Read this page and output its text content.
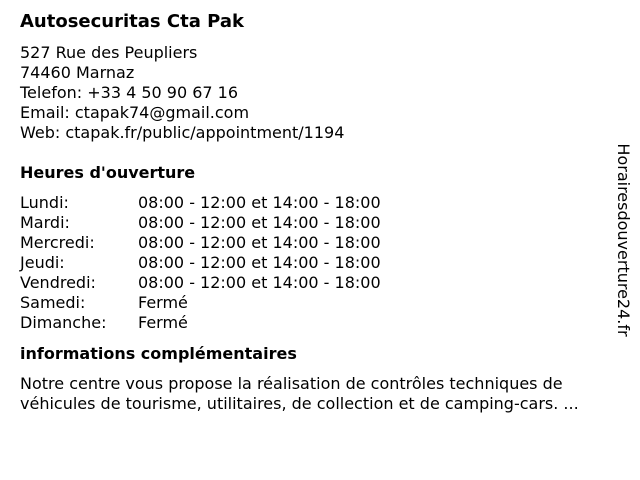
Autosecuritas Cta Pak
527 Rue des Peupliers
74460 Marnaz
Telefon: +33 4 50 90 67 16
Email: ctapak74@gmail.com
Web: ctapak.fr/public/appointment/1194
Heures d'ouverture
Lundi:	08:00 - 12:00 et 14:00 - 18:00
Mardi:	08:00 - 12:00 et 14:00 - 18:00
Mercredi:	08:00 - 12:00 et 14:00 - 18:00
Jeudi:	08:00 - 12:00 et 14:00 - 18:00
Vendredi:	08:00 - 12:00 et 14:00 - 18:00
Samedi:	Fermé
Dimanche:	Fermé
informations complémentaires
Notre centre vous propose la réalisation de contrôles techniques de véhicules de tourisme, utilitaires, de collection et de camping-cars. ...
Horairesdouverture24.fr
